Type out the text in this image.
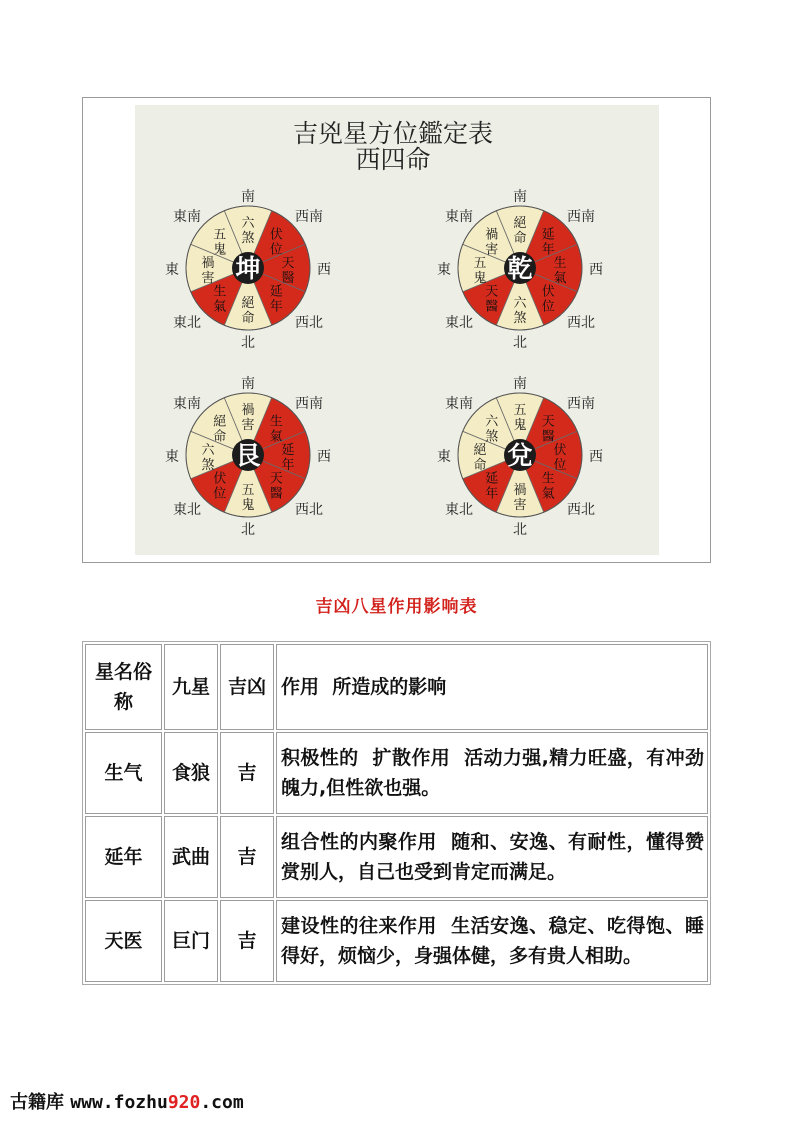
吉兇星方位鑑定表
西四命
六
煞 伏
位
天
醫
延
年
絕
命
生
氣
禍
害
五
鬼
坤
南
西南
西
西北
北
東北
東
東南	絕
命 延
年
生
氣
伏
位
六
煞
天
醫
五
鬼
禍
害
乾
南
西南
西
西北
北
東北
東
東南
禍
害 生
氣
延
年
天
醫
五
鬼
伏
位
六
煞
絕
命
艮
南
西南
西
西北
北
東北
東
東南	五
鬼 天
醫
伏
位
生
氣
禍
害
延
年
絕
命
六
煞
兌
南
西南
西
西北
北
東北
東
東南
吉凶八星作用影响表
星名俗称	九星	吉凶	作用  所造成的影响
生气	食狼	吉	积极性的  扩散作用  活动力强,精力旺盛，有冲劲魄力,但性欲也强。
延年	武曲	吉	组合性的内聚作用  随和、安逸、有耐性，懂得赞赏别人，自己也受到肯定而满足。
天医	巨门	吉	建设性的往来作用  生活安逸、稳定、吃得饱、睡得好，烦恼少，身强体健，多有贵人相助。
古籍库 www.fozhu920.com
